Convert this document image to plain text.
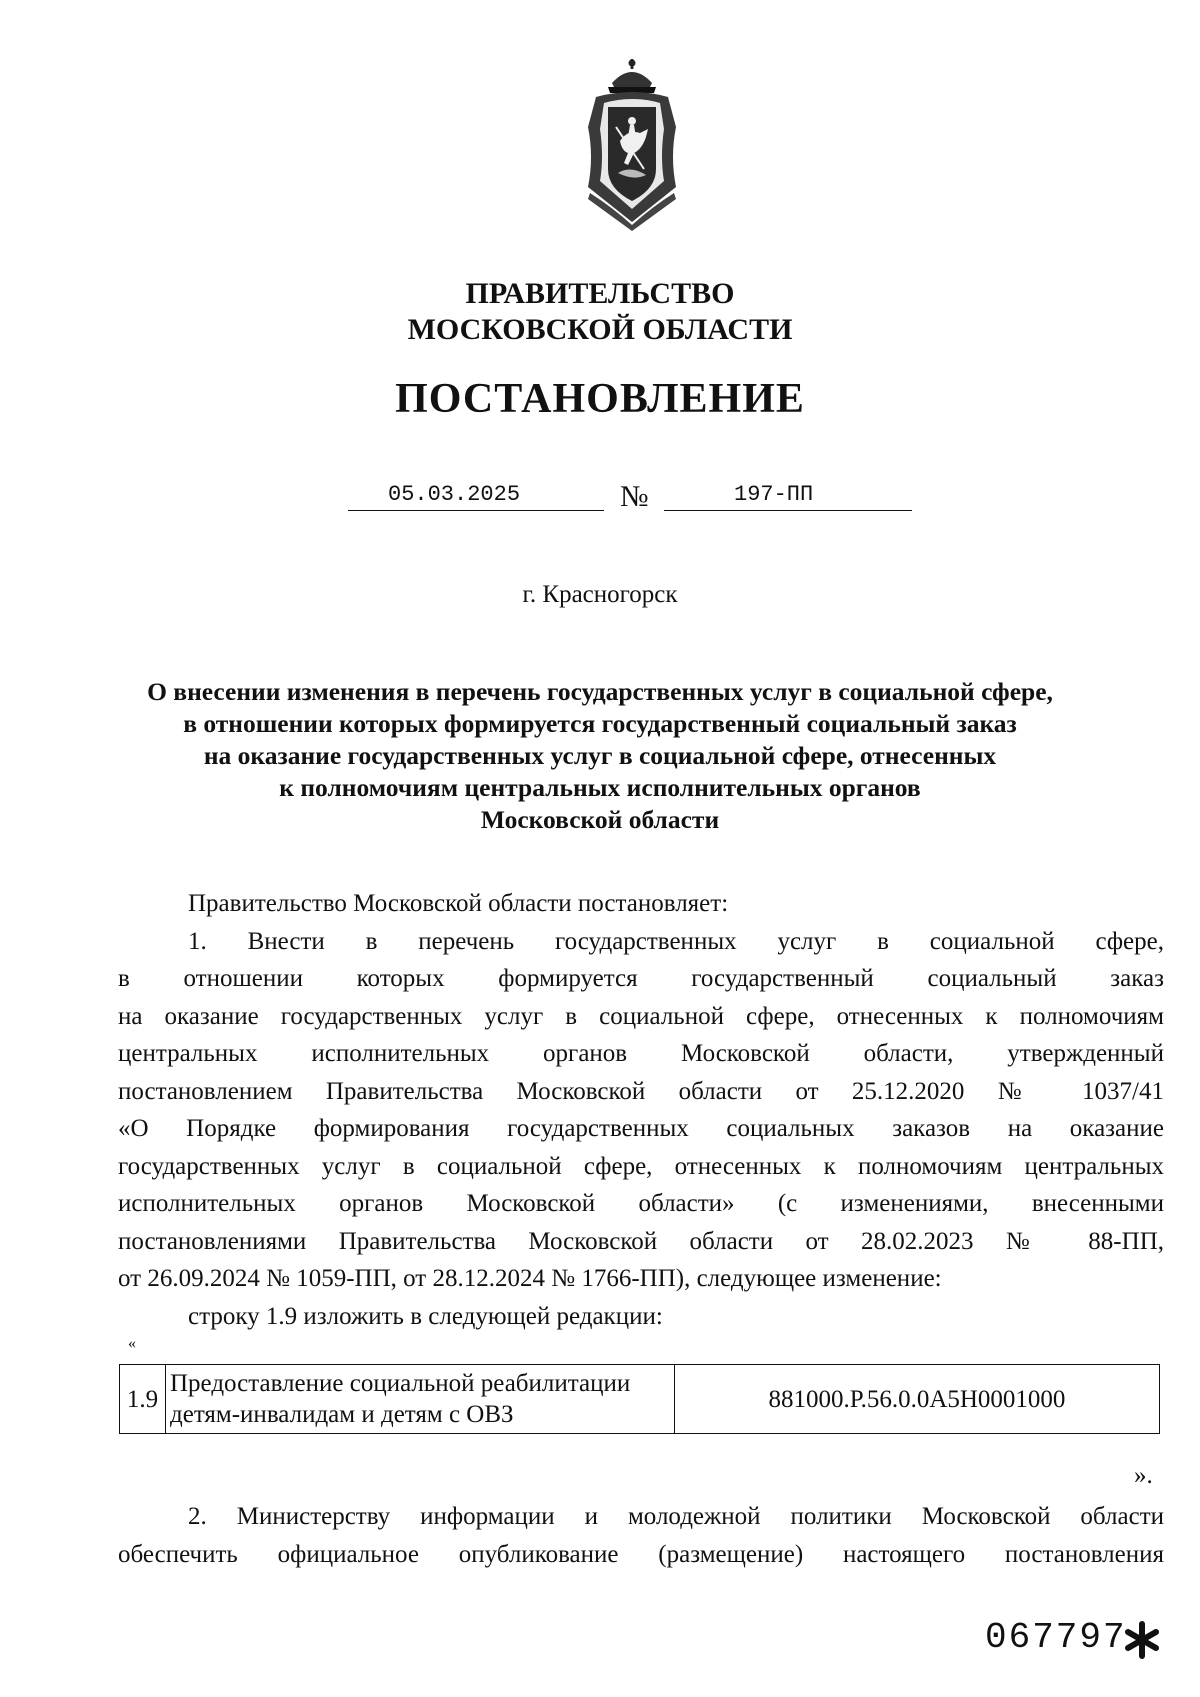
ПРАВИТЕЛЬСТВО
МОСКОВСКОЙ ОБЛАСТИ
ПОСТАНОВЛЕНИЕ
05.03.2025	№	197-ПП
г. Красногорск
О внесении изменения в перечень государственных услуг в социальной сфере,
в отношении которых формируется государственный социальный заказ
на оказание государственных услуг в социальной сфере, отнесенных
к полномочиям центральных исполнительных органов
Московской области

Правительство Московской области постановляет:

1. Внести в перечень государственных услуг в социальной сфере,

в отношении которых формируется государственный социальный заказ

на оказание государственных услуг в социальной сфере, отнесенных к полномочиям

центральных исполнительных органов Московской области, утвержденный

постановлением Правительства Московской области от 25.12.2020 № 1037/41

«О Порядке формирования государственных социальных заказов на оказание

государственных услуг в социальной сфере, отнесенных к полномочиям центральных

исполнительных органов Московской области» (с изменениями, внесенными

постановлениями Правительства Московской области от 28.02.2023 № 88-ПП,

от 26.09.2024 № 1059-ПП, от 28.12.2024 № 1766-ПП), следующее изменение:

строку 1.9 изложить в следующей редакции:

«
1.9	Предоставление социальной реабилитации детям-инвалидам и детям с ОВЗ	881000.Р.56.0.0А5Н0001000
».

2. Министерству информации и молодежной политики Московской области

обеспечить официальное опубликование (размещение) настоящего постановления

067797
